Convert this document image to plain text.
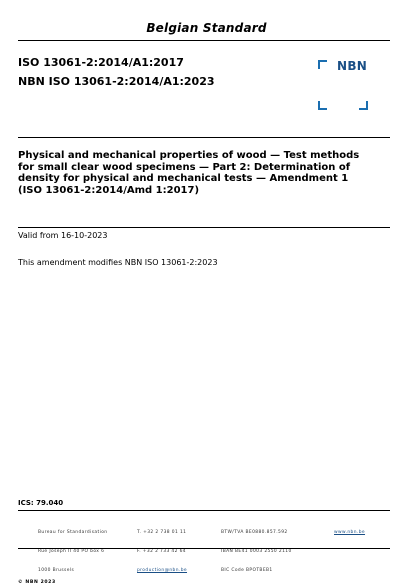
Belgian Standard
ISO 13061-2:2014/A1:2017
NBN ISO 13061-2:2014/A1:2023
NBN
Physical and mechanical properties of wood — Test methods
for small clear wood specimens — Part 2: Determination of
density for physical and mechanical tests — Amendment 1
(ISO 13061-2:2014/Amd 1:2017)
Valid from 16-10-2023
This amendment modifies NBN ISO 13061-2:2023
ICS: 79.040

Bureau for Standardisation

Rue Joseph II 40 PO box 6

1000 Brussels

T. +32 2 738 01 11

F. +32 2 733 42 64

production@nbn.be

BTW/TVA BE0880.857.592

IBAN BE41 0003 2550 2110

BIC Code BPOTBEB1

www.nbn.be

© NBN 2023
